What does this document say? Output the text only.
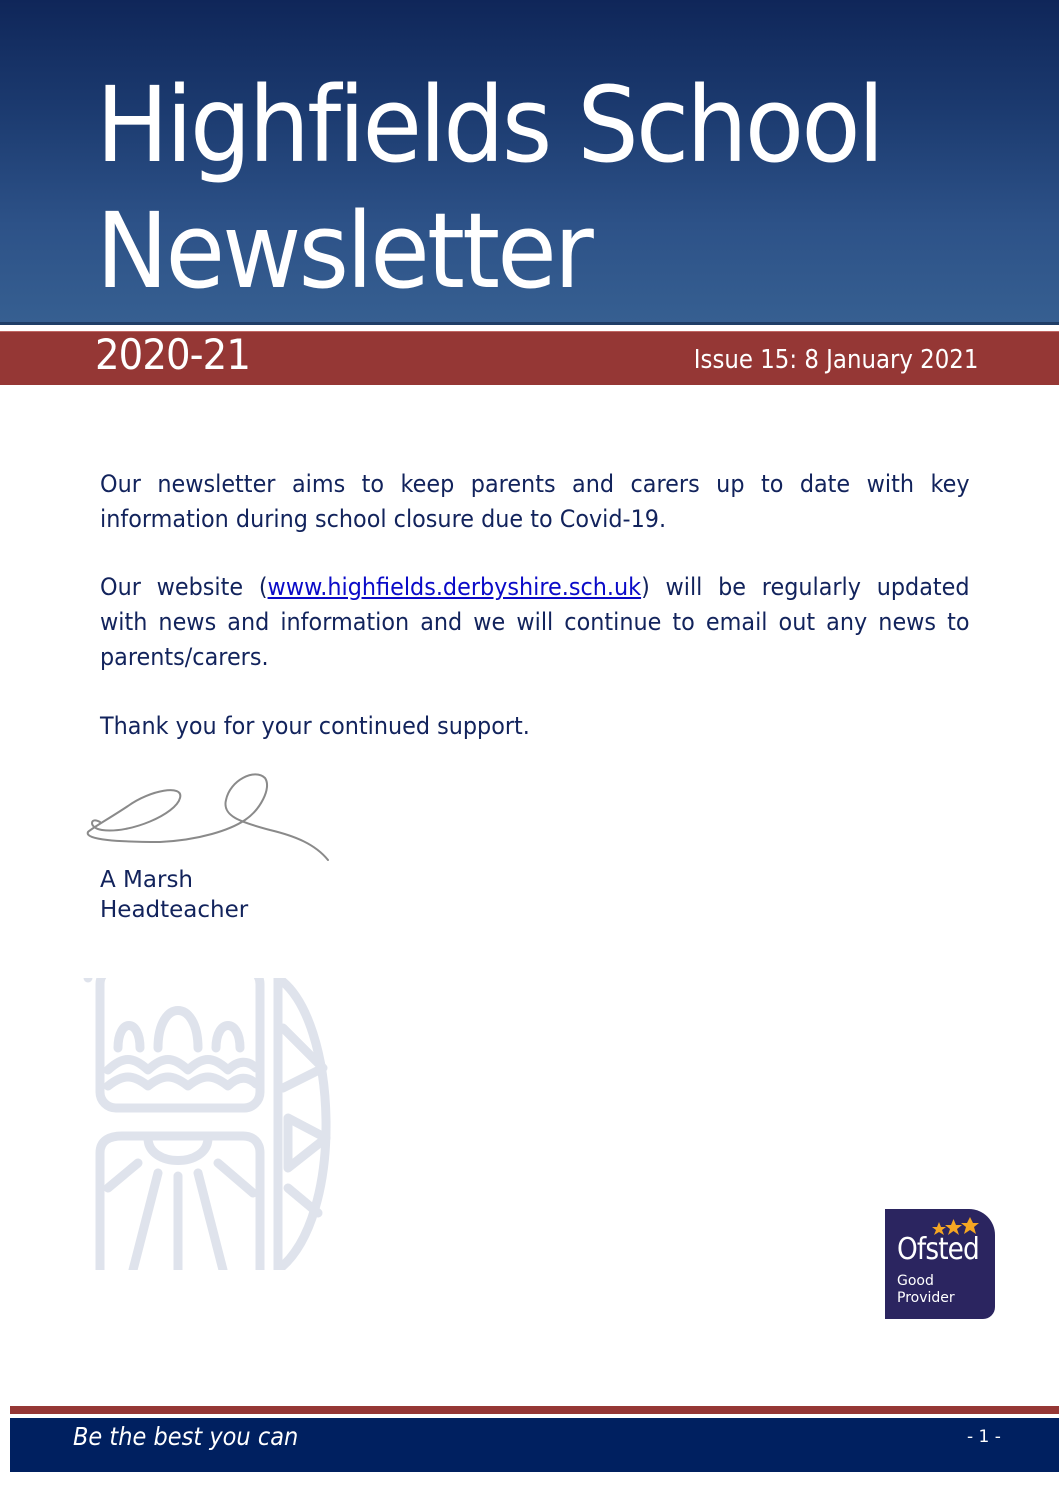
Highfields School
Newsletter
2020-21	Issue 15: 8 January 2021
Our newsletter aims to keep parents and carers up to date with key information during school closure due to Covid-19.
Our website (www.highfields.derbyshire.sch.uk) will be regularly updated with news and information and we will continue to email out any news to parents/carers.
Thank you for your continued support.
A Marsh
Headteacher
Ofsted
Good
Provider
Be the best you can	- 1 -
